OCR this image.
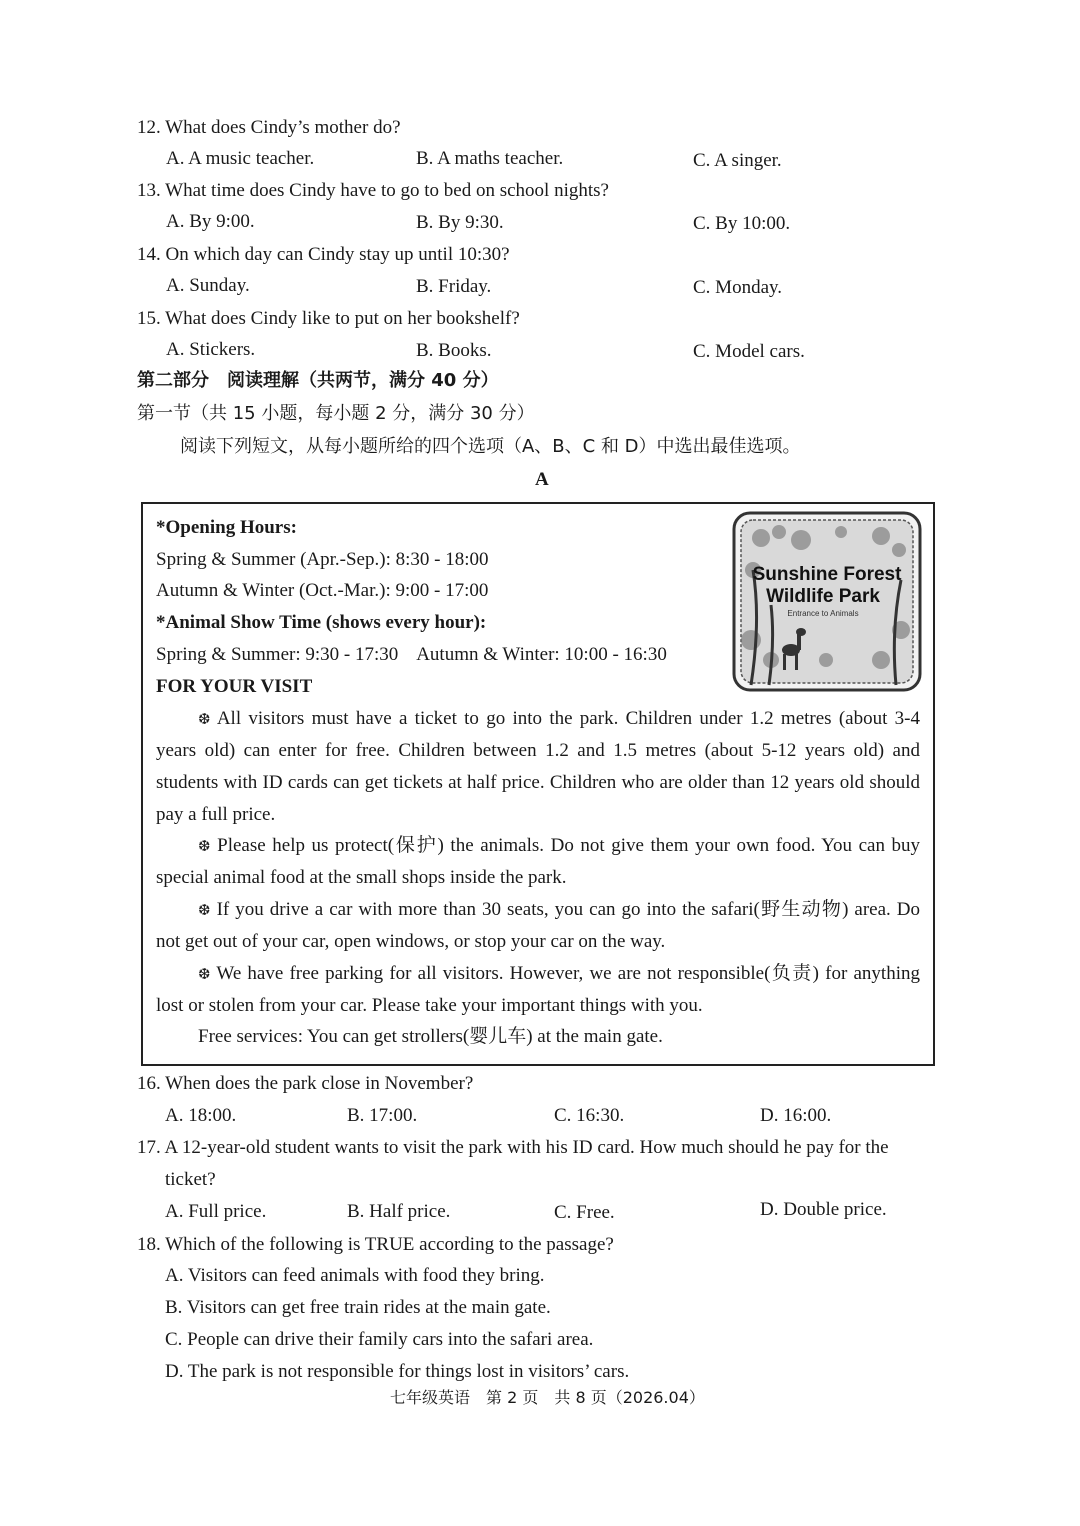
12. What does Cindy’s mother do?
A. A music teacher.	B. A maths teacher.	C. A singer.
13. What time does Cindy have to go to bed on school nights?
A. By 9:00.	B. By 9:30.	C. By 10:00.
14. On which day can Cindy stay up until 10:30?
A. Sunday.	B. Friday.	C. Monday.
15. What does Cindy like to put on her bookshelf?
A. Stickers.	B. Books.	C. Model cars.
第二部分　阅读理解（共两节，满分 40 分）
第一节（共 15 小题，每小题 2 分，满分 30 分）
阅读下列短文，从每小题所给的四个选项（A、B、C 和 D）中选出最佳选项。
A
*Opening Hours:
Spring & Summer (Apr.-Sep.): 8:30 - 18:00
Autumn & Winter (Oct.-Mar.): 9:00 - 17:00
*Animal Show Time (shows every hour):
Spring & Summer: 9:30 - 17:30    Autumn & Winter: 10:00 - 16:30
FOR YOUR VISIT
Sunshine Forest
Wildlife Park
Entrance to Animals
❆ All visitors must have a ticket to go into the park. Children under 1.2 metres (about 3-4 years old) can enter for free. Children between 1.2 and 1.5 metres (about 5-12 years old) and students with ID cards can get tickets at half price. Children who are older than 12 years old should pay a full price.
❆ Please help us protect(保护) the animals. Do not give them your own food. You can buy special animal food at the small shops inside the park.
❆ If you drive a car with more than 30 seats, you can go into the safari(野生动物) area. Do not get out of your car, open windows, or stop your car on the way.
❆ We have free parking for all visitors. However, we are not responsible(负责) for anything lost or stolen from your car. Please take your important things with you.
Free services: You can get strollers(婴儿车) at the main gate.
16. When does the park close in November?
A. 18:00.	B. 17:00.	C. 16:30.	D. 16:00.
17. A 12-year-old student wants to visit the park with his ID card. How much should he pay for the
ticket?
A. Full price.	B. Half price.	C. Free.	D. Double price.
18. Which of the following is TRUE according to the passage?
A. Visitors can feed animals with food they bring.
B. Visitors can get free train rides at the main gate.
C. People can drive their family cars into the safari area.
D. The park is not responsible for things lost in visitors’ cars.
七年级英语　第 2 页　共 8 页（2026.04）
